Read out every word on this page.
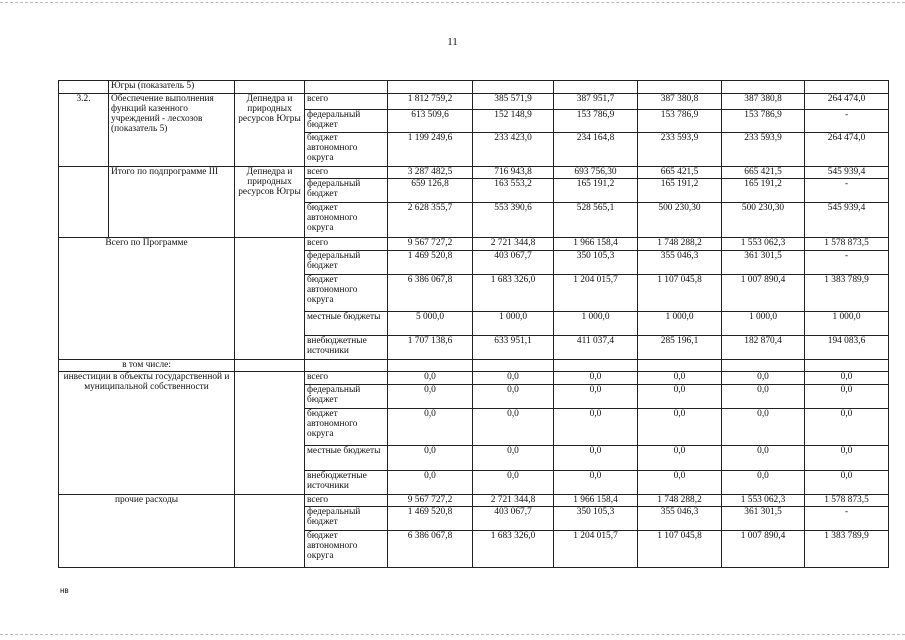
11
	Югры (показатель 5)								
3.2.	Обеспечение выполнения функций казенного учреждений - лесхозов (показатель 5)	Депнедра и природных ресурсов Югры	всего	1 812 759,2	385 571,9	387 951,7	387 380,8	387 380,8	264 474,0
			федеральный бюджет	613 509,6	152 148,9	153 786,9	153 786,9	153 786,9	-
			бюджет автономного округа	1 199 249,6	233 423,0	234 164,8	233 593,9	233 593,9	264 474,0
	Итого по подпрограмме III	Депнедра и природных ресурсов Югры	всего	3 287 482,5	716 943,8	693 756,30	665 421,5	665 421,5	545 939,4
			федеральный бюджет	659 126,8	163 553,2	165 191,2	165 191,2	165 191,2	-
			бюджет автономного округа	2 628 355,7	553 390,6	528 565,1	500 230,30	500 230,30	545 939,4
Всего по Программе			всего	9 567 727,2	2 721 344,8	1 966 158,4	1 748 288,2	1 553 062,3	1 578 873,5
			федеральный бюджет	1 469 520,8	403 067,7	350 105,3	355 046,3	361 301,5	-
			бюджет автономного округа	6 386 067,8	1 683 326,0	1 204 015,7	1 107 045,8	1 007 890,4	1 383 789,9
			местные бюджеты	5 000,0	1 000,0	1 000,0	1 000,0	1 000,0	1 000,0
			внебюджетные источники	1 707 138,6	633 951,1	411 037,4	285 196,1	182 870,4	194 083,6
в том числе:									
инвестиции в объекты государственной и муниципальной собственности			всего	0,0	0,0	0,0	0,0	0,0	0,0
			федеральный бюджет	0,0	0,0	0,0	0,0	0,0	0,0
			бюджет автономного округа	0,0	0,0	0,0	0,0	0,0	0,0
			местные бюджеты	0,0	0,0	0,0	0,0	0,0	0,0
			внебюджетные источники	0,0	0,0	0,0	0,0	0,0	0,0
прочие расходы			всего	9 567 727,2	2 721 344,8	1 966 158,4	1 748 288,2	1 553 062,3	1 578 873,5
			федеральный бюджет	1 469 520,8	403 067,7	350 105,3	355 046,3	361 301,5	-
			бюджет автономного округа	6 386 067,8	1 683 326,0	1 204 015,7	1 107 045,8	1 007 890,4	1 383 789,9
нв
